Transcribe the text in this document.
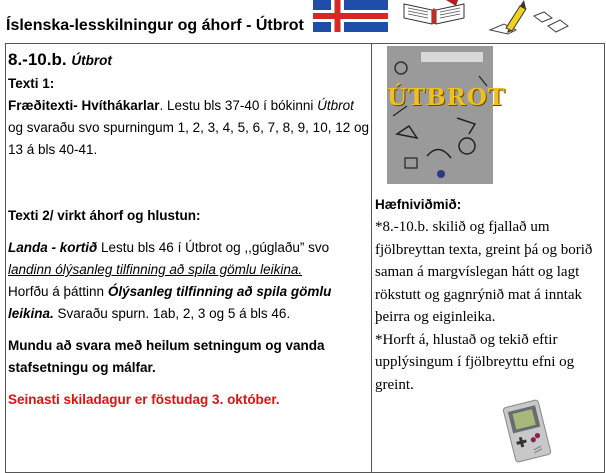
Íslenska-lesskilningur og áhorf - Útbrot
8.-10.b. Útbrot
Texti 1:
Fræðitexti- Hvíthákarlar. Lestu bls 37-40 í bókinni Útbrot og svaraðu svo spurningum 1, 2, 3, 4, 5, 6, 7, 8, 9, 10, 12 og 13 á bls 40-41.
Texti 2/ virkt áhorf og hlustun:
Landa - kortið Lestu bls 46 í Útbrot og ,,gúglaðu” svo landinn ólýsanleg tilfinning að spila gömlu leikina.
Horfðu á þáttinn Ólýsanleg tilfinning að spila gömlu leikina. Svaraðu spurn. 1ab, 2, 3 og 5 á bls 46.
Mundu að svara með heilum setningum og vanda stafsetningu og málfar.
Seinasti skiladagur er föstudag 3. október.
ÚTBROT
Hæfniviðmið:
*8.-10.b. skilið og fjallað um fjölbreyttan texta, greint þá og borið saman á margvíslegan hátt og lagt rökstutt og gagnrýnið mat á inntak þeirra og eiginleika.
*Horft á, hlustað og tekið eftir upplýsingum í fjölbreyttu efni og greint.
